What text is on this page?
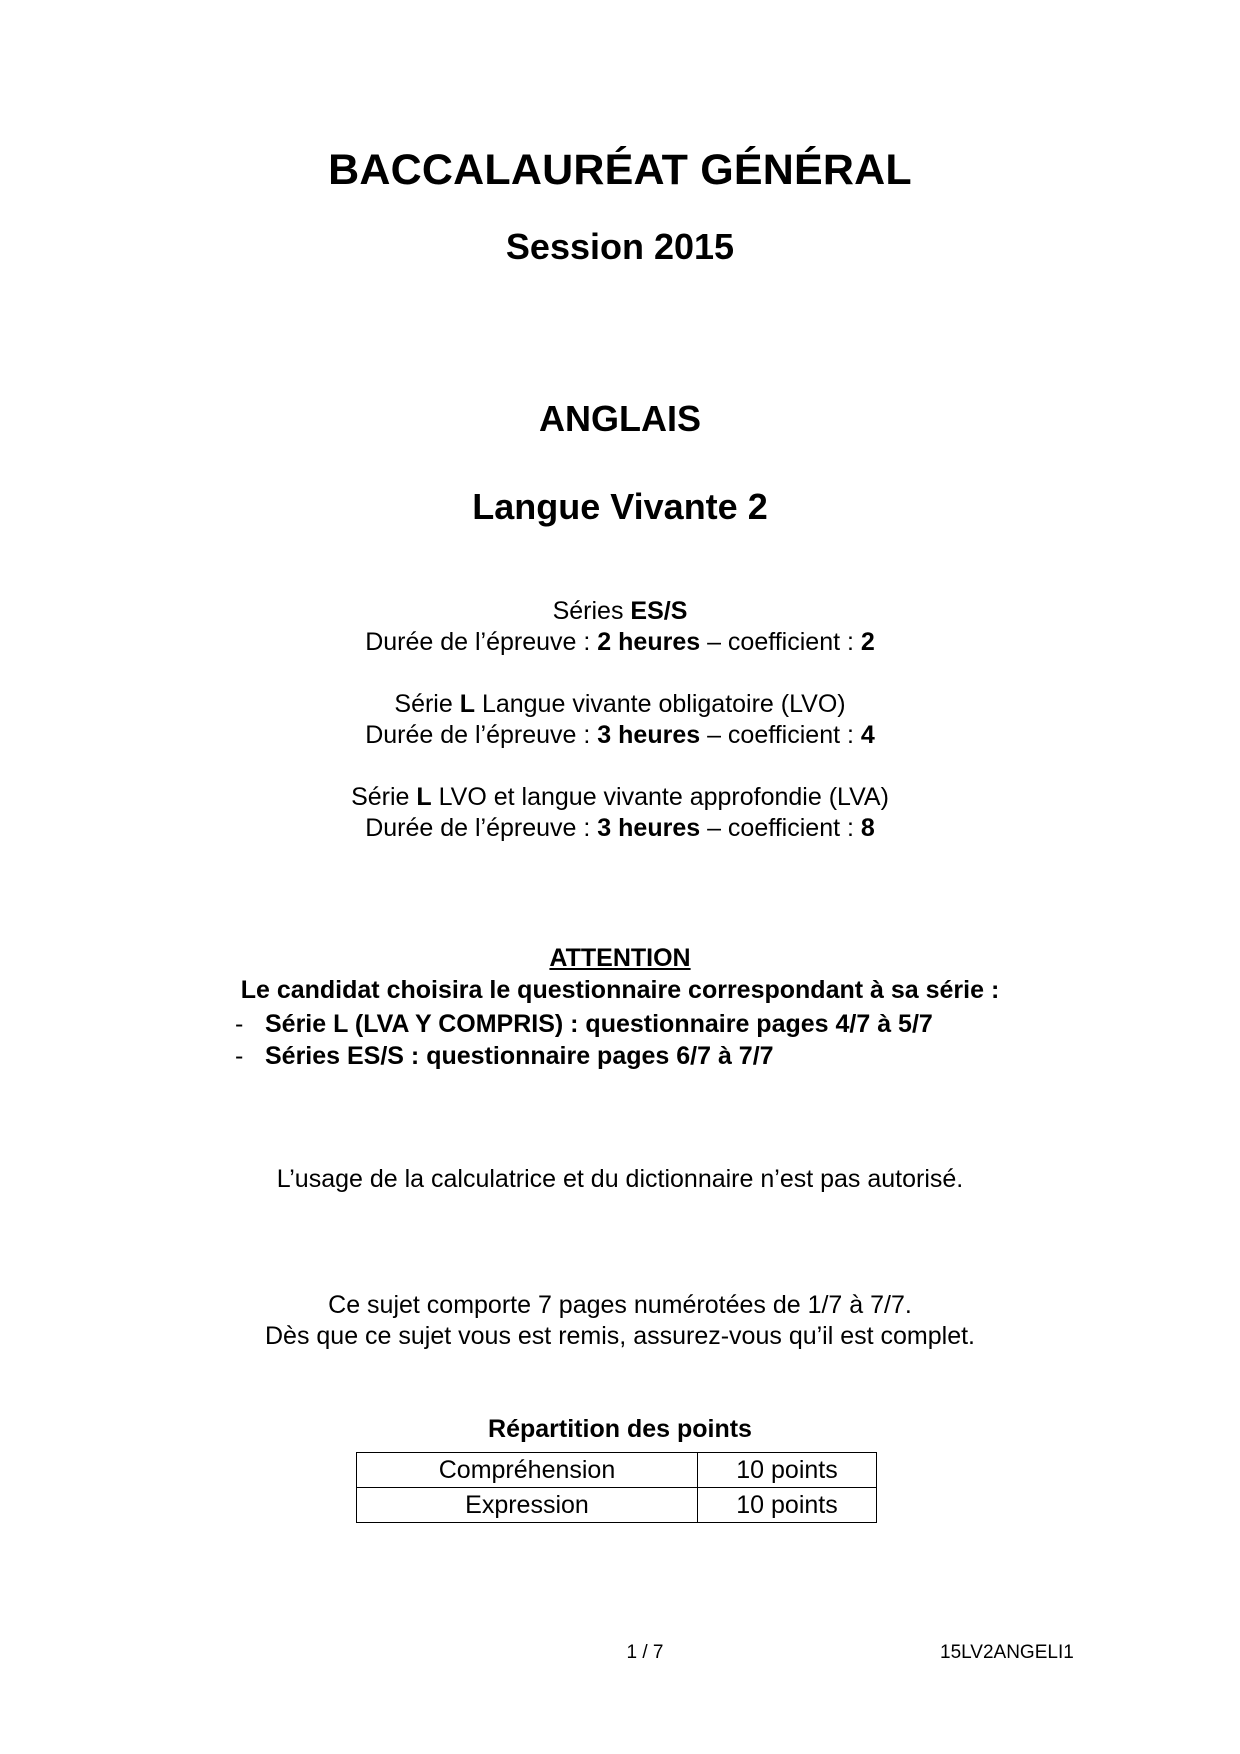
BACCALAURÉAT GÉNÉRAL
Session 2015
ANGLAIS
Langue Vivante 2
Séries ES/S
Durée de l’épreuve : 2 heures – coefficient : 2
Série L Langue vivante obligatoire (LVO)
Durée de l’épreuve : 3 heures – coefficient : 4
Série L LVO et langue vivante approfondie (LVA)
Durée de l’épreuve : 3 heures – coefficient : 8
ATTENTION
Le candidat choisira le questionnaire correspondant à sa série :
- Série L (LVA Y COMPRIS) : questionnaire pages 4/7 à 5/7
- Séries ES/S : questionnaire pages 6/7 à 7/7
L’usage de la calculatrice et du dictionnaire n’est pas autorisé.
Ce sujet comporte 7 pages numérotées de 1/7 à 7/7.
Dès que ce sujet vous est remis, assurez-vous qu’il est complet.
Répartition des points
Compréhension	10 points
Expression	10 points
1 / 7	15LV2ANGELI1
